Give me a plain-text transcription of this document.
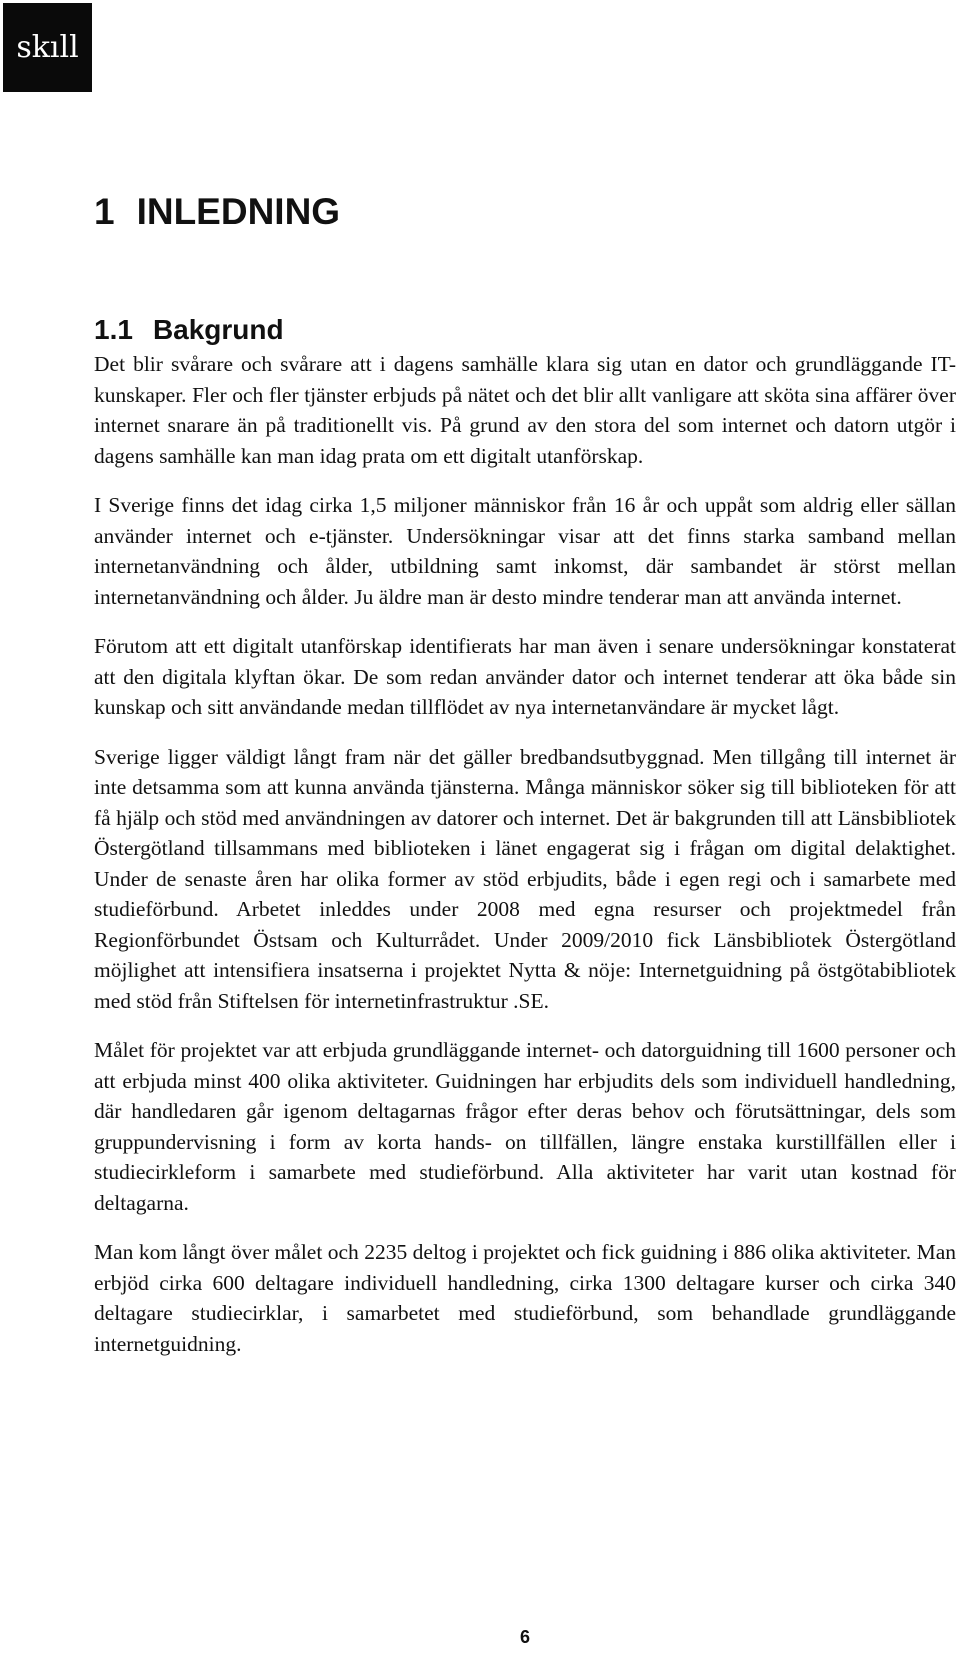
skıll
1 INLEDNING
1.1 Bakgrund

Det blir svårare och svårare att i dagens samhälle klara sig utan en dator och grundläggande IT-kunskaper. Fler och fler tjänster erbjuds på nätet och det blir allt vanligare att sköta sina affärer över internet snarare än på traditionellt vis. På grund av den stora del som internet och datorn utgör i dagens samhälle kan man idag prata om ett digitalt utanförskap.

I Sverige finns det idag cirka 1,5 miljoner människor från 16 år och uppåt som aldrig eller sällan använder internet och e-tjänster. Undersökningar visar att det finns starka samband mellan internetanvändning och ålder, utbildning samt inkomst, där sambandet är störst mellan internetanvändning och ålder. Ju äldre man är desto mindre tenderar man att använda internet.

Förutom att ett digitalt utanförskap identifierats har man även i senare undersökningar konstaterat att den digitala klyftan ökar. De som redan använder dator och internet tenderar att öka både sin kunskap och sitt användande medan tillflödet av nya internetanvändare är mycket lågt.

Sverige ligger väldigt långt fram när det gäller bredbandsutbyggnad. Men tillgång till internet är inte detsamma som att kunna använda tjänsterna. Många människor söker sig till biblioteken för att få hjälp och stöd med användningen av datorer och internet. Det är bakgrunden till att Länsbibliotek Östergötland tillsammans med biblioteken i länet engagerat sig i frågan om digital delaktighet. Under de senaste åren har olika former av stöd erbjudits, både i egen regi och i samarbete med studieförbund. Arbetet inleddes under 2008 med egna resurser och projektmedel från Regionförbundet Östsam och Kulturrådet. Under 2009/2010 fick Länsbibliotek Östergötland möjlighet att intensifiera insatserna i projektet Nytta & nöje: Internetguidning på östgötabibliotek med stöd från Stiftelsen för internetinfrastruktur .SE.

Målet för projektet var att erbjuda grundläggande internet- och datorguidning till 1600 personer och att erbjuda minst 400 olika aktiviteter. Guidningen har erbjudits dels som individuell handledning, där handledaren går igenom deltagarnas frågor efter deras behov och förutsättningar, dels som gruppundervisning i form av korta hands- on tillfällen, längre enstaka kurstillfällen eller i studiecirkleform i samarbete med studieförbund. Alla aktiviteter har varit utan kostnad för deltagarna.

Man kom långt över målet och 2235 deltog i projektet och fick guidning i 886 olika aktiviteter. Man erbjöd cirka 600 deltagare individuell handledning, cirka 1300 deltagare kurser och cirka 340 deltagare studiecirklar, i samarbetet med studieförbund, som behandlade grundläggande internetguidning.

6
